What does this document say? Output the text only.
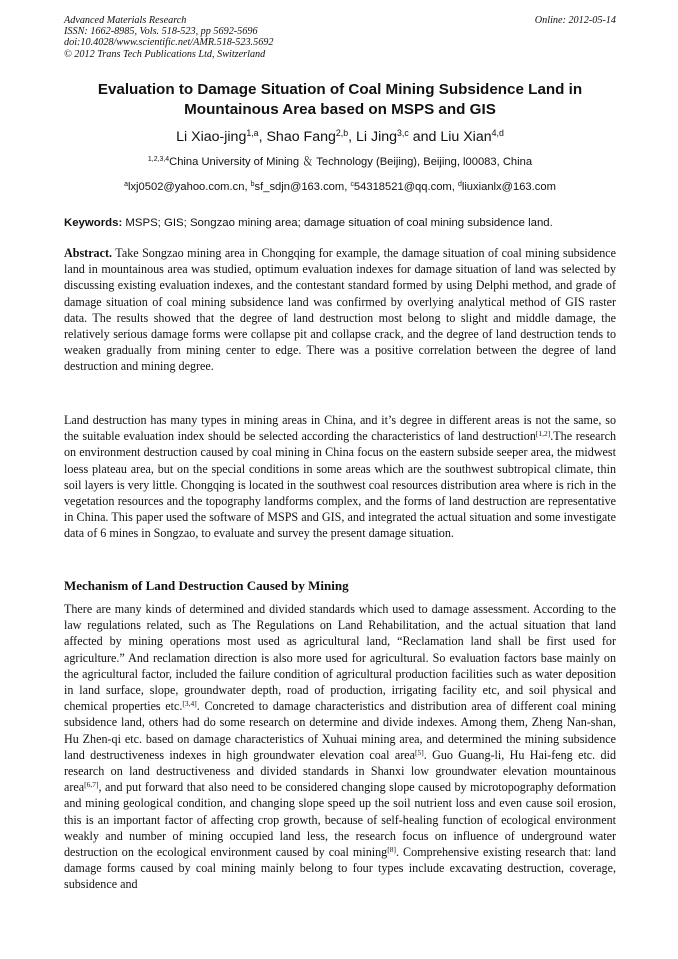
Advanced Materials Research
ISSN: 1662-8985, Vols. 518-523, pp 5692-5696
doi:10.4028/www.scientific.net/AMR.518-523.5692
© 2012 Trans Tech Publications Ltd, Switzerland
Online: 2012-05-14
Evaluation to Damage Situation of Coal Mining Subsidence Land in Mountainous Area based on MSPS and GIS
Li Xiao-jing$^{1,a}$, Shao Fang$^{2,b}$, Li Jing$^{3,c}$ and Liu Xian$^{4,d}$
$^{1,2,3,4}$China University of Mining ＆ Technology (Beijing), Beijing, l00083, China
$^a$lxj0502@yahoo.com.cn, $^b$sf_sdjn@163.com, $^c$54318521@qq.com, $^d$liuxianlx@163.com
Keywords: MSPS; GIS; Songzao mining area; damage situation of coal mining subsidence land.
Abstract. Take Songzao mining area in Chongqing for example, the damage situation of coal mining subsidence land in mountainous area was studied, optimum evaluation indexes for damage situation of land was selected by discussing existing evaluation indexes, and the contestant standard formed by using Delphi method, and grade of damage situation of coal mining subsidence land was confirmed by overlying analytical method of GIS raster data. The results showed that the degree of land destruction most belong to slight and middle damage, the relatively serious damage forms were collapse pit and collapse crack, and the degree of land destruction tends to weaken gradually from mining center to edge. There was a positive correlation between the degree of land destruction and mining degree.
Land destruction has many types in mining areas in China, and it’s degree in different areas is not the same, so the suitable evaluation index should be selected according the characteristics of land destruction[1,2].The research on environment destruction caused by coal mining in China focus on the eastern subside seeper area, the midwest loess plateau area, but on the special conditions in some areas which are the southwest subtropical climate, thin soil layers is very little. Chongqing is located in the southwest coal resources distribution area where is rich in the vegetation resources and the topography landforms complex, and the forms of land destruction are representative in China. This paper used the software of MSPS and GIS, and integrated the actual situation and some investigate data of 6 mines in Songzao, to evaluate and survey the present damage situation.
Mechanism of Land Destruction Caused by Mining
There are many kinds of determined and divided standards which used to damage assessment. According to the law regulations related, such as The Regulations on Land Rehabilitation, and the actual situation that land affected by mining operations most used as agricultural land, “Reclamation land shall be first used for agriculture.” And reclamation direction is also more used for agricultural. So evaluation factors base mainly on the agricultural factor, included the failure condition of agricultural production facilities such as water deposition in land surface, slope, groundwater depth, road of production, irrigating facility etc, and soil physical and chemical properties etc.[3,4]. Concreted to damage characteristics and distribution area of different coal mining subsidence land, others had do some research on determine and divide indexes. Among them, Zheng Nan-shan, Hu Zhen-qi etc. based on damage characteristics of Xuhuai mining area, and determined the mining subsidence land destructiveness indexes in high groundwater elevation coal area[5]. Guo Guang-li, Hu Hai-feng etc. did research on land destructiveness and divided standards in Shanxi low groundwater elevation mountainous area[6,7], and put forward that also need to be considered changing slope caused by microtopography deformation and mining geological condition, and changing slope speed up the soil nutrient loss and even cause soil erosion, this is an important factor of affecting crop growth, because of self-healing function of ecological environment weakly and number of mining occupied land less, the research focus on influence of underground water destruction on the ecological environment caused by coal mining[8]. Comprehensive existing research that: land damage forms caused by coal mining mainly belong to four types include excavating destruction, coverage, subsidence and
